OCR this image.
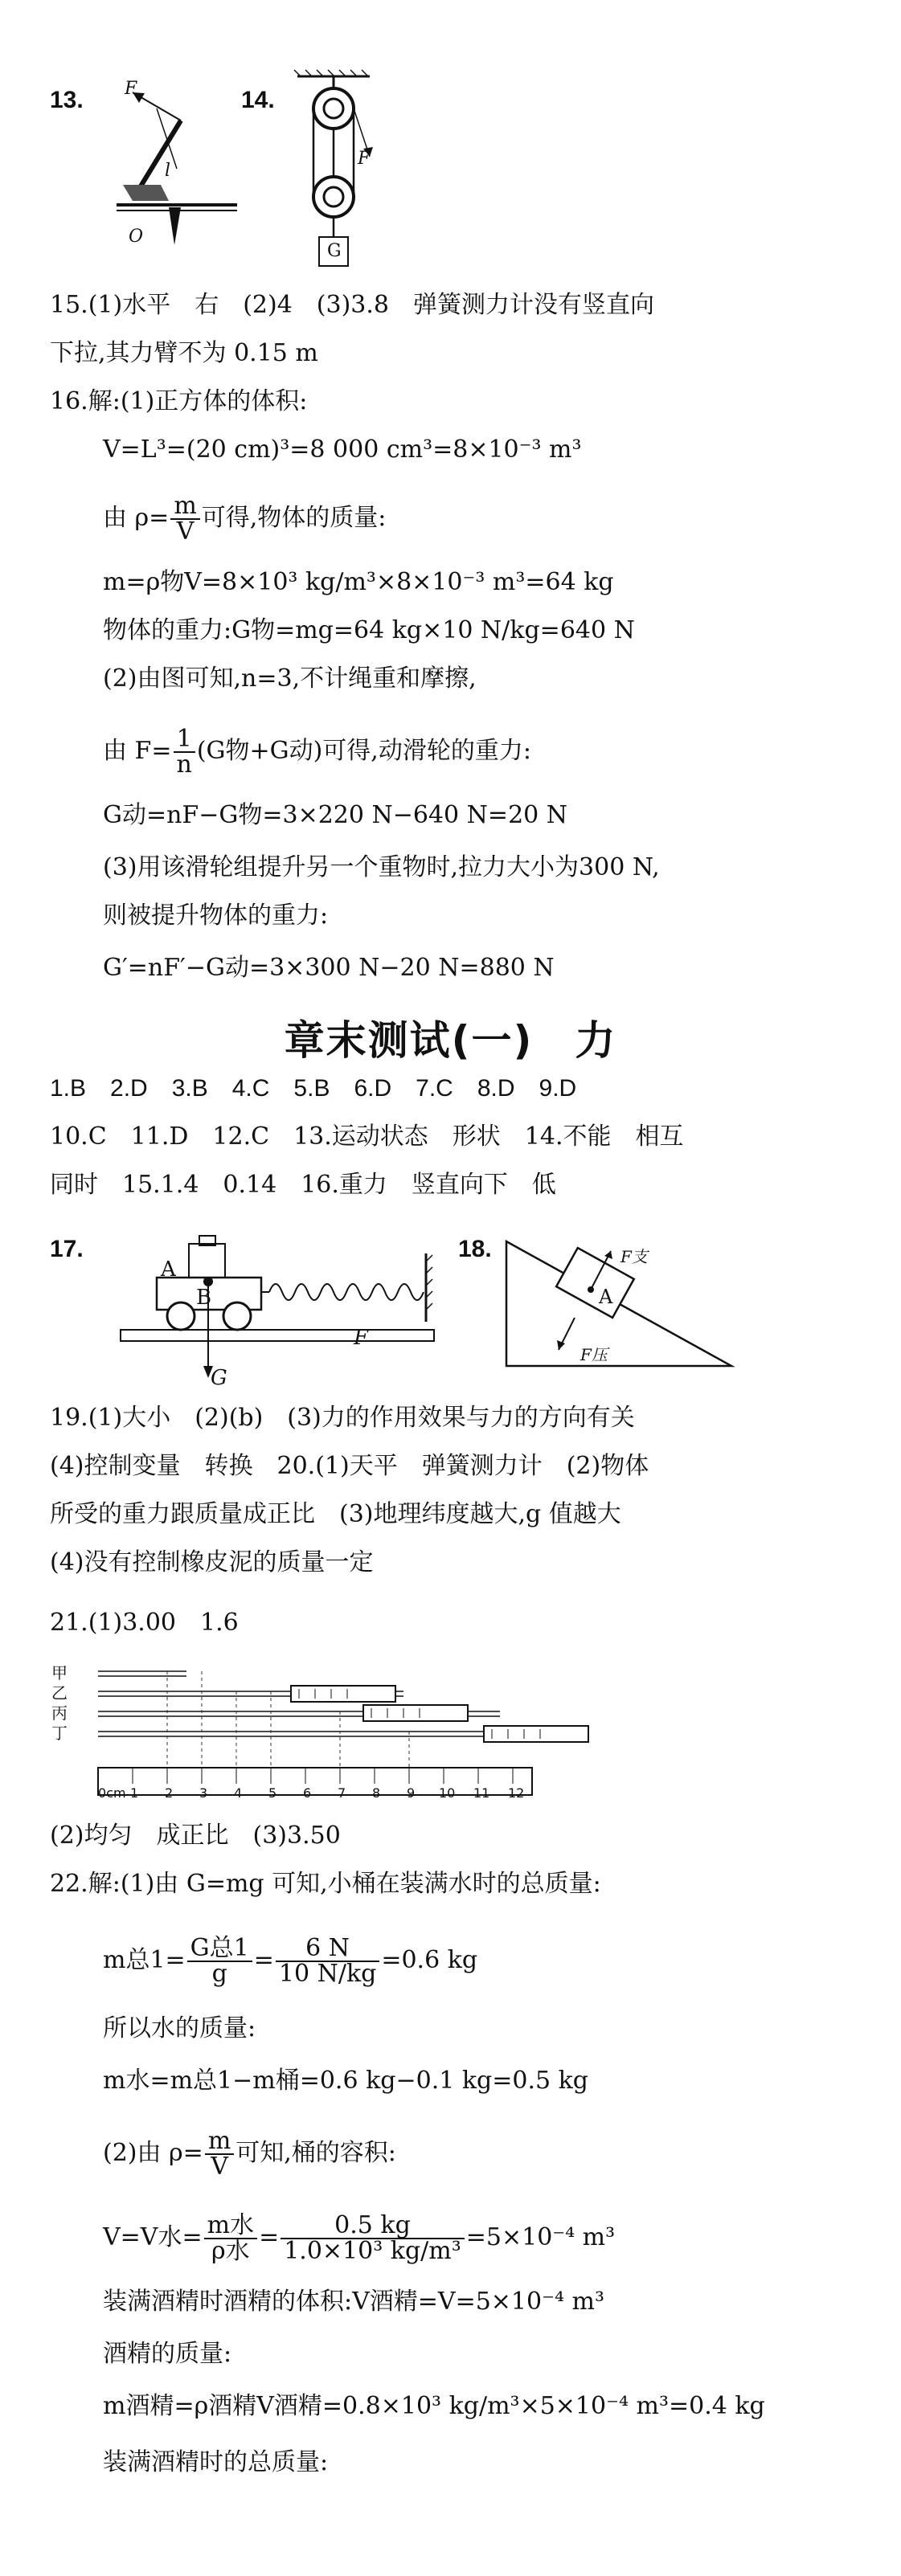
13. F
l
O
14.
F
G
15.(1)水平　右　(2)4　(3)3.8　弹簧测力计没有竖直向
下拉,其力臂不为 0.15 m
16.解:(1)正方体的体积:
V=L³=(20 cm)³=8 000 cm³=8×10⁻³ m³
由 $\rho= \frac{m}{V}$ 可得,物体的质量:
m=ρ物V=8×10³ kg/m³×8×10⁻³ m³=64 kg
物体的重力:G物=mg=64 kg×10 N/kg=640 N
(2)由图可知,n=3,不计绳重和摩擦,
由 $F= \frac{1}{n} (G$物+G动)可得,动滑轮的重力:
G动=nF−G物=3×220 N−640 N=20 N
(3)用该滑轮组提升另一个重物时,拉力大小为300 N,
则被提升物体的重力:
G′=nF′−G动=3×300 N−20 N=880 N
章末测试(一)　力
1.B　2.D　3.B　4.C　5.B　6.D　7.C　8.D　9.D
10.C　11.D　12.C　13.运动状态　形状　14.不能　相互
同时　15.1.4　0.14　16.重力　竖直向下　低
17.
A
B
G
F
18.	F支
A
F压
19.(1)大小　(2)(b)　(3)力的作用效果与力的方向有关
(4)控制变量　转换　20.(1)天平　弹簧测力计　(2)物体
所受的重力跟质量成正比　(3)地理纬度越大,g 值越大
(4)没有控制橡皮泥的质量一定
21.(1)3.00　1.6
甲
乙
丙
丁
0cm 1 2 3 4 5 6 7 8 9 10 11 12
(2)均匀　成正比　(3)3.50
22.解:(1)由 G=mg 可知,小桶在装满水时的总质量:
m总$1= \frac{\text{G总1}}{g} = \frac{6 N}{10 N/kg} =0.6$ kg
所以水的质量:
m水=m总1−m桶=0.6 kg−0.1 kg=0.5 kg
(2)由 $\rho= \frac{m}{V}$ 可知,桶的容积:
V=V水= $\frac{\text{m水}}{\text{ρ水}} = \frac{0.5 kg}{\text{1.0×10³ kg/m³}} =5\times 10^{-4}$ m³
装满酒精时酒精的体积:V酒精=V=5×10⁻⁴ m³
酒精的质量:
m酒精=ρ酒精V酒精=0.8×10³ kg/m³×5×10⁻⁴ m³=0.4 kg
装满酒精时的总质量:
